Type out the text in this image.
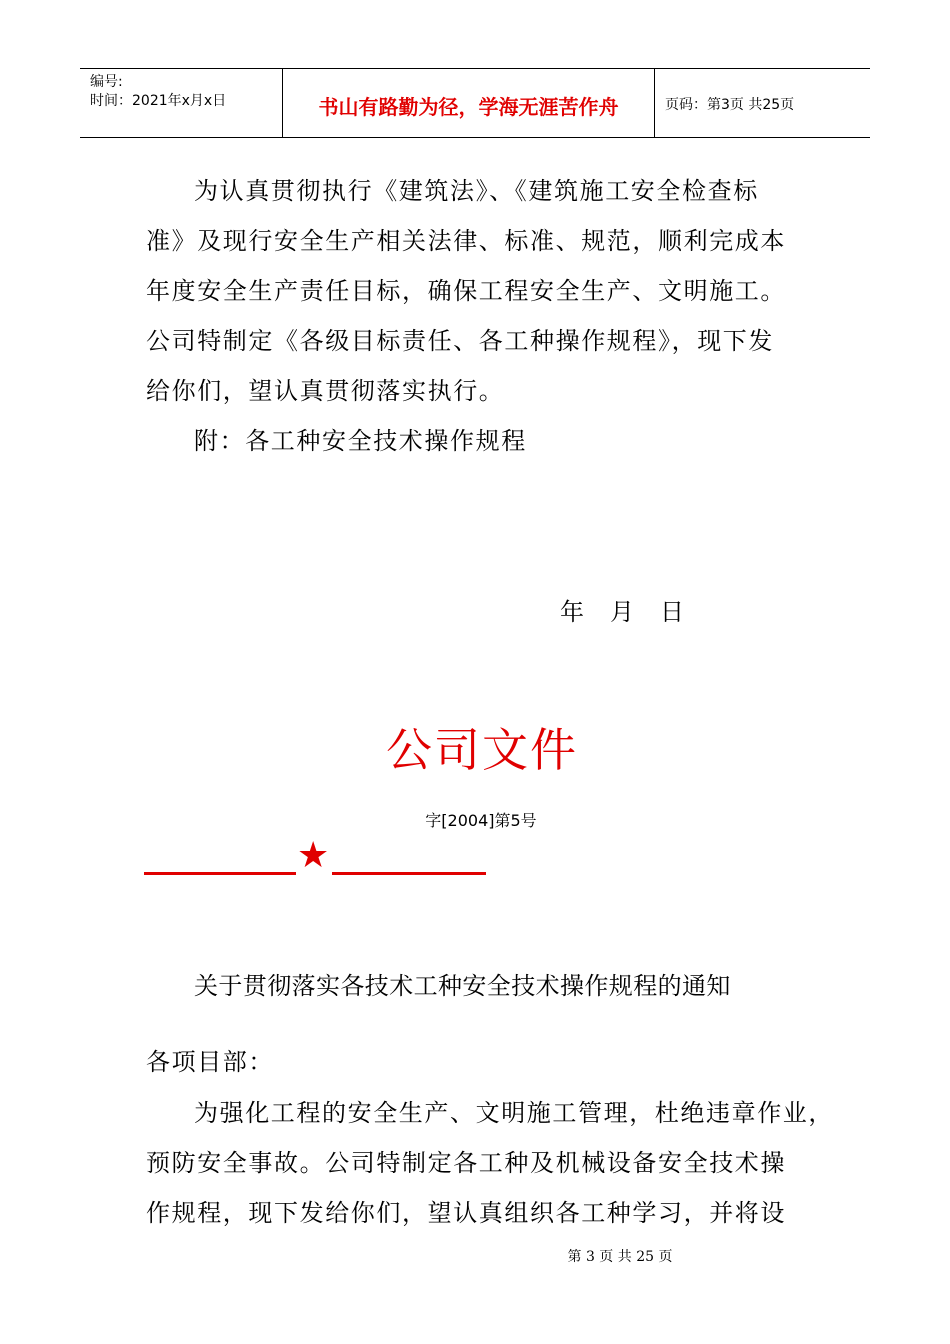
编号:
时间：2021年x月x日	书山有路勤为径，学海无涯苦作舟	页码：第3页 共25页
为认真贯彻执行《建筑法》、《建筑施工安全检查标
准》及现行安全生产相关法律、标准、规范，顺利完成本
年度安全生产责任目标，确保工程安全生产、文明施工。
公司特制定《各级目标责任、各工种操作规程》，现下发
给你们，望认真贯彻落实执行。
附：各工种安全技术操作规程
年 月 日
公司文件
字[2004]第5号
★
关于贯彻落实各技术工种安全技术操作规程的通知
各项目部：
为强化工程的安全生产、文明施工管理，杜绝违章作业，
预防安全事故。公司特制定各工种及机械设备安全技术操
作规程，现下发给你们，望认真组织各工种学习，并将设
第 3 页 共 25 页
